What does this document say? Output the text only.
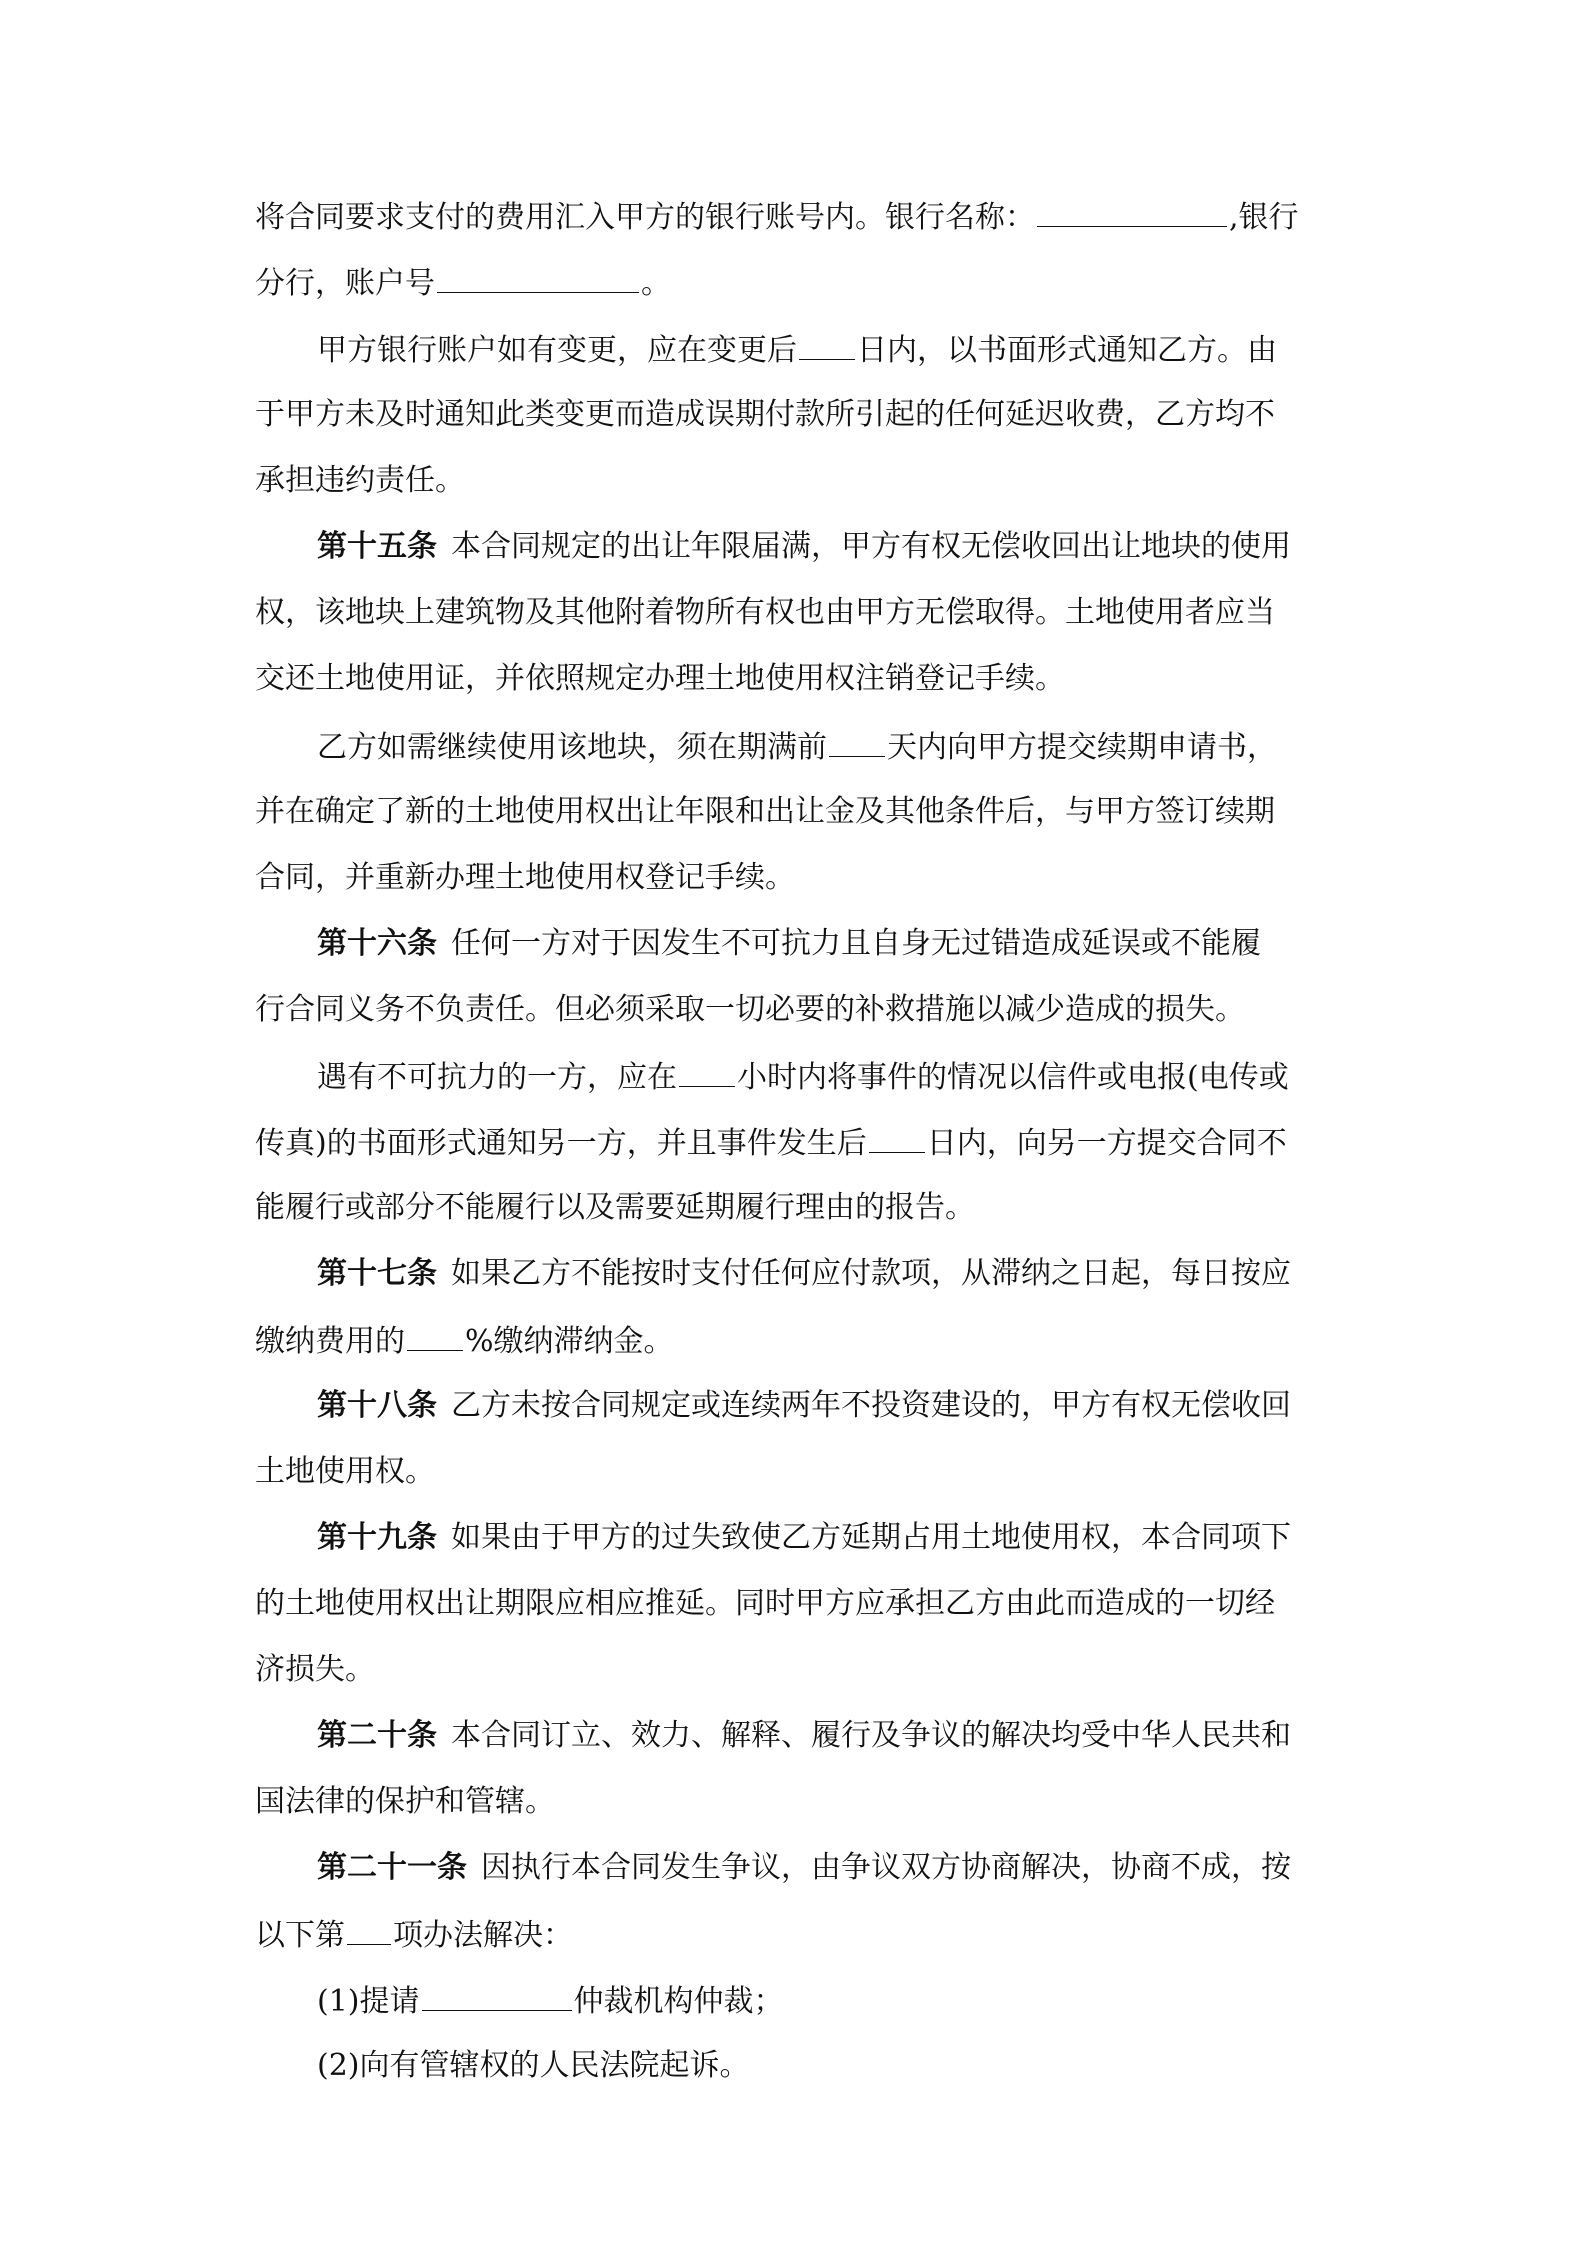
将合同要求支付的费用汇入甲方的银行账号内。银行名称：	,银行
分行，账户号	。
甲方银行账户如有变更，应在变更后 日内，以书面形式通知乙方。由
于甲方未及时通知此类变更而造成误期付款所引起的任何延迟收费，乙方均不
承担违约责任。
第十五条 本合同规定的出让年限届满，甲方有权无偿收回出让地块的使用
权，该地块上建筑物及其他附着物所有权也由甲方无偿取得。土地使用者应当
交还土地使用证，并依照规定办理土地使用权注销登记手续。
乙方如需继续使用该地块，须在期满前 天内向甲方提交续期申请书，
并在确定了新的土地使用权出让年限和出让金及其他条件后，与甲方签订续期
合同，并重新办理土地使用权登记手续。
第十六条 任何一方对于因发生不可抗力且自身无过错造成延误或不能履
行合同义务不负责任。但必须采取一切必要的补救措施以减少造成的损失。
遇有不可抗力的一方，应在 小时内将事件的情况以信件或电报(电传或
传真)的书面形式通知另一方，并且事件发生后 日内，向另一方提交合同不
能履行或部分不能履行以及需要延期履行理由的报告。
第十七条 如果乙方不能按时支付任何应付款项，从滞纳之日起，每日按应
缴纳费用的 %缴纳滞纳金。
第十八条 乙方未按合同规定或连续两年不投资建设的，甲方有权无偿收回
土地使用权。
第十九条 如果由于甲方的过失致使乙方延期占用土地使用权，本合同项下
的土地使用权出让期限应相应推延。同时甲方应承担乙方由此而造成的一切经
济损失。
第二十条 本合同订立、效力、解释、履行及争议的解决均受中华人民共和
国法律的保护和管辖。
第二十一条 因执行本合同发生争议，由争议双方协商解决，协商不成，按
以下第 项办法解决：
(1)提请	仲裁机构仲裁；
(2)向有管辖权的人民法院起诉。
